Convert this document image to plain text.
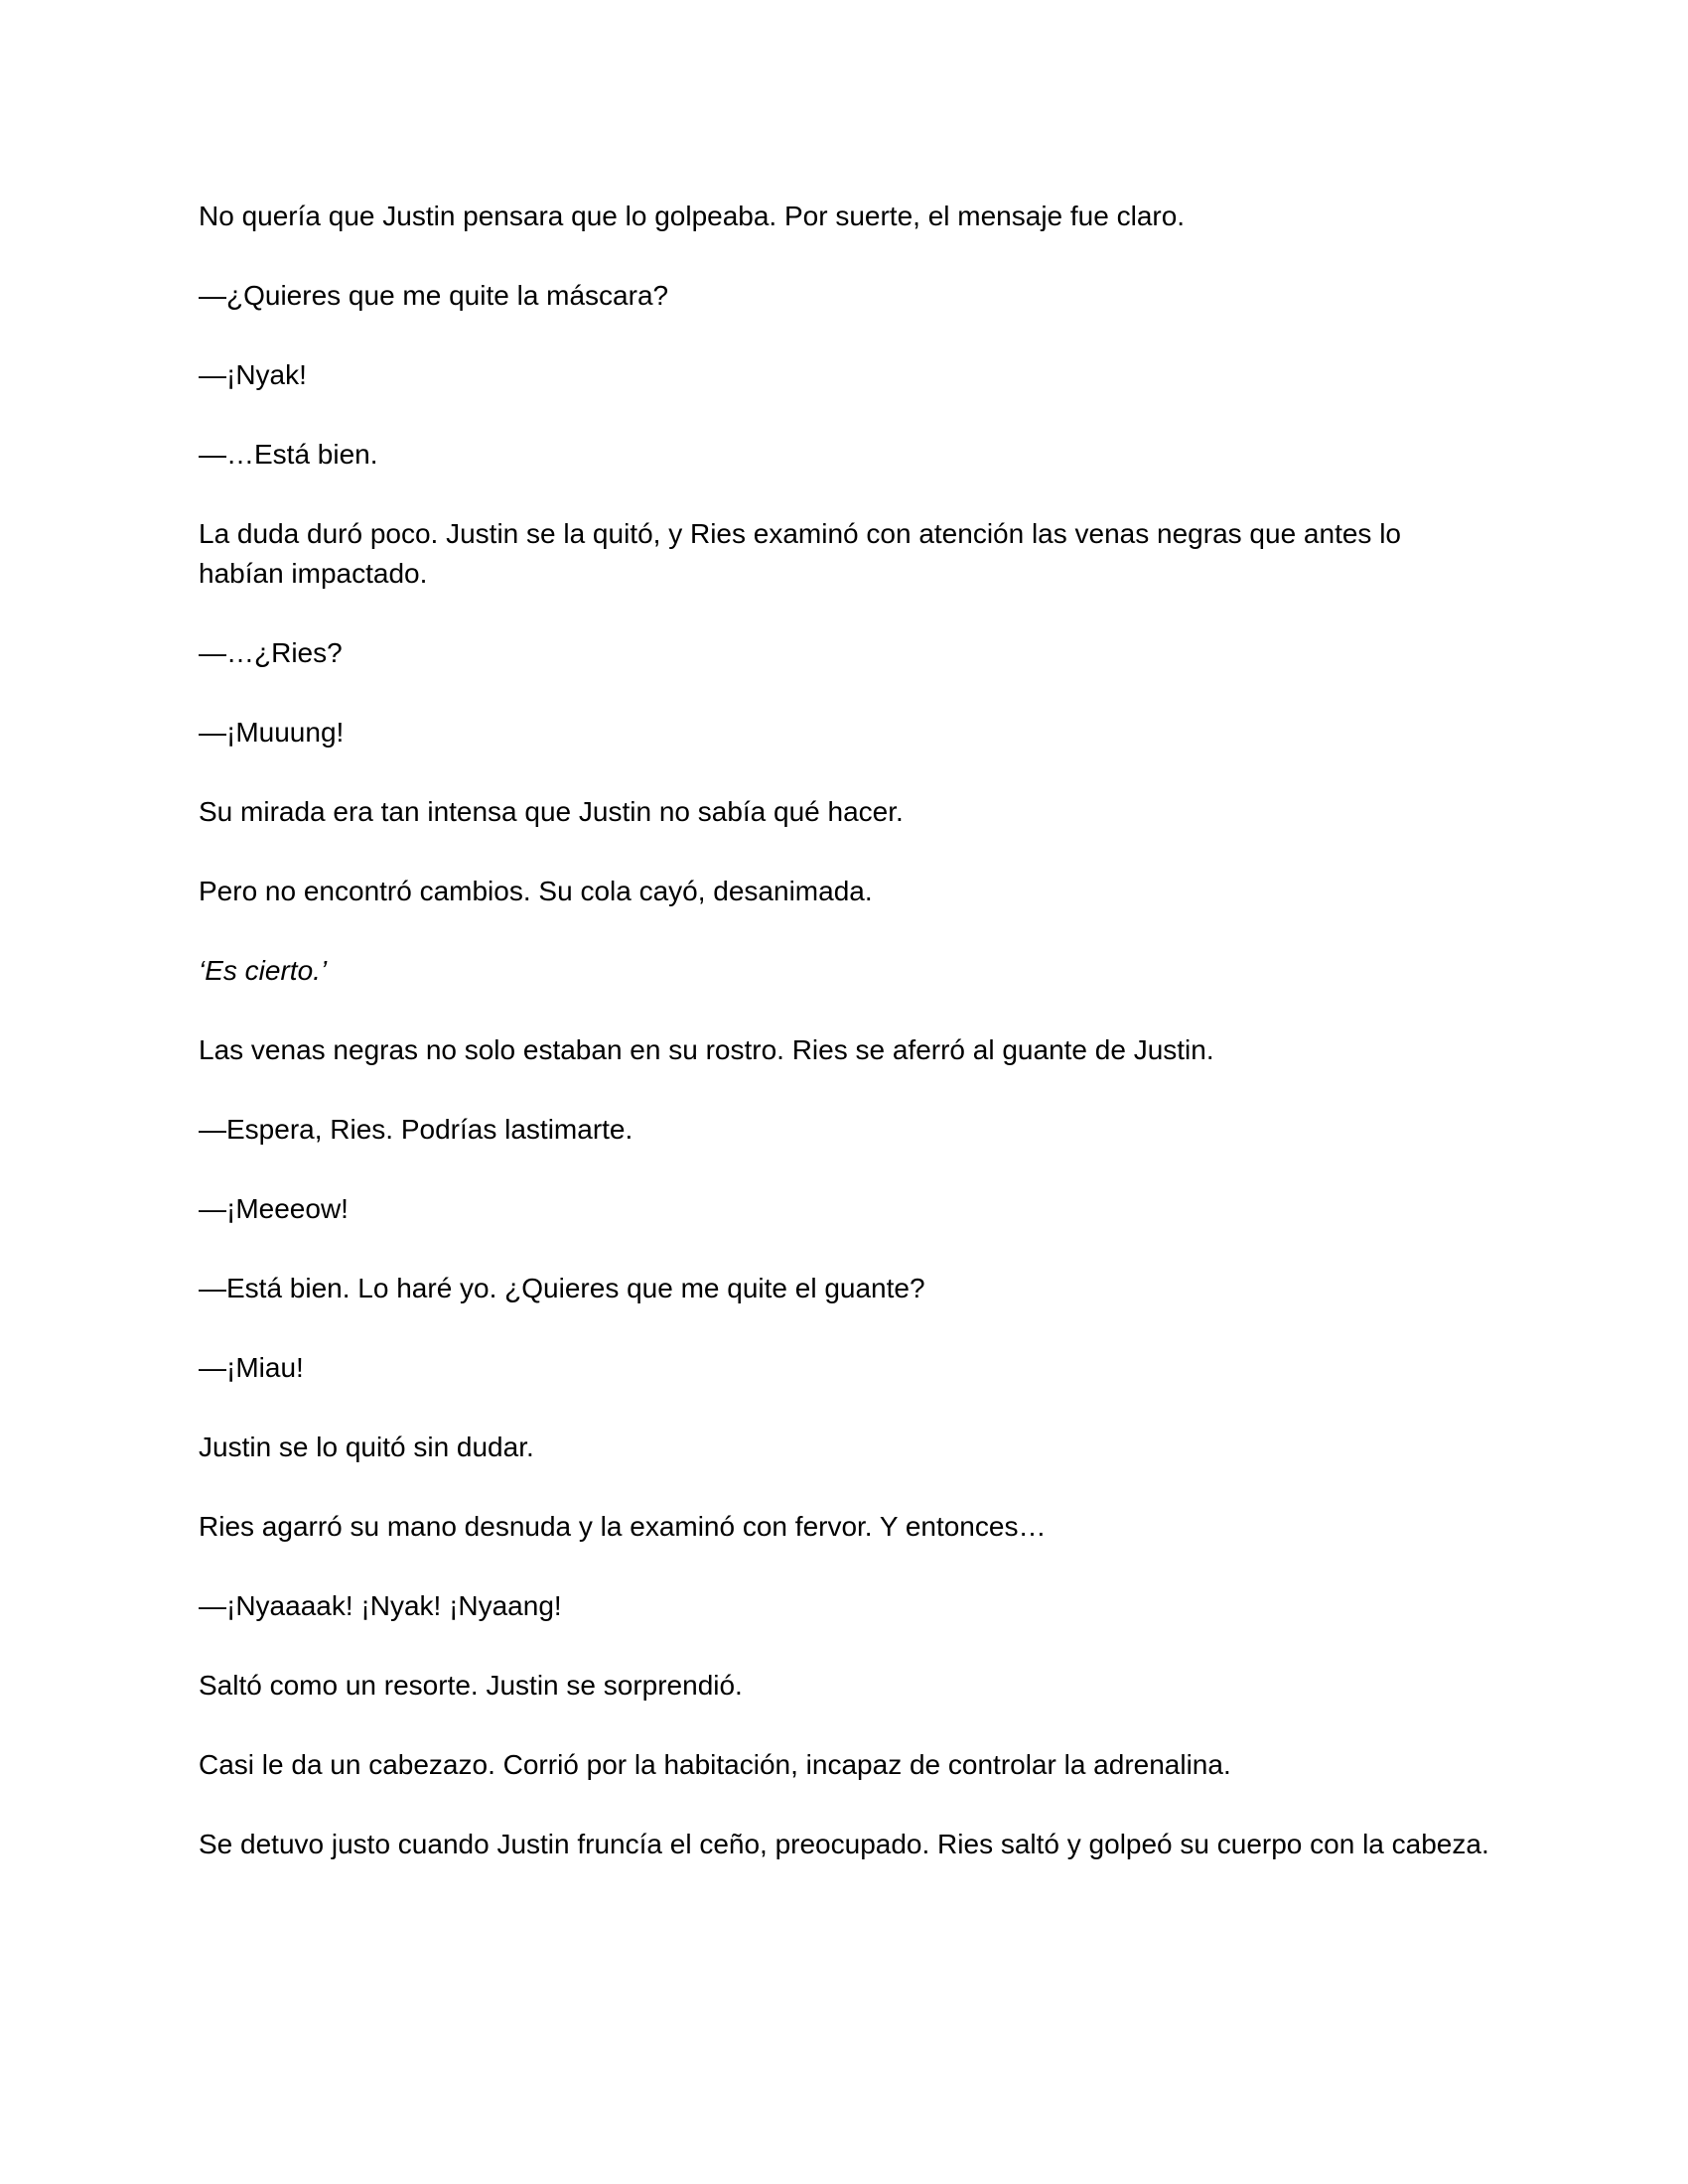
No quería que Justin pensara que lo golpeaba. Por suerte, el mensaje fue claro.

—¿Quieres que me quite la máscara?

—¡Nyak!

—…Está bien.

La duda duró poco. Justin se la quitó, y Ries examinó con atención las venas negras que antes lo habían impactado.

—…¿Ries?

—¡Muuung!

Su mirada era tan intensa que Justin no sabía qué hacer.

Pero no encontró cambios. Su cola cayó, desanimada.

‘Es cierto.’

Las venas negras no solo estaban en su rostro. Ries se aferró al guante de Justin.

—Espera, Ries. Podrías lastimarte.

—¡Meeeow!

—Está bien. Lo haré yo. ¿Quieres que me quite el guante?

—¡Miau!

Justin se lo quitó sin dudar.

Ries agarró su mano desnuda y la examinó con fervor. Y entonces…

—¡Nyaaaak! ¡Nyak! ¡Nyaang!

Saltó como un resorte. Justin se sorprendió.

Casi le da un cabezazo. Corrió por la habitación, incapaz de controlar la adrenalina.

Se detuvo justo cuando Justin fruncía el ceño, preocupado. Ries saltó y golpeó su cuerpo con la cabeza.
